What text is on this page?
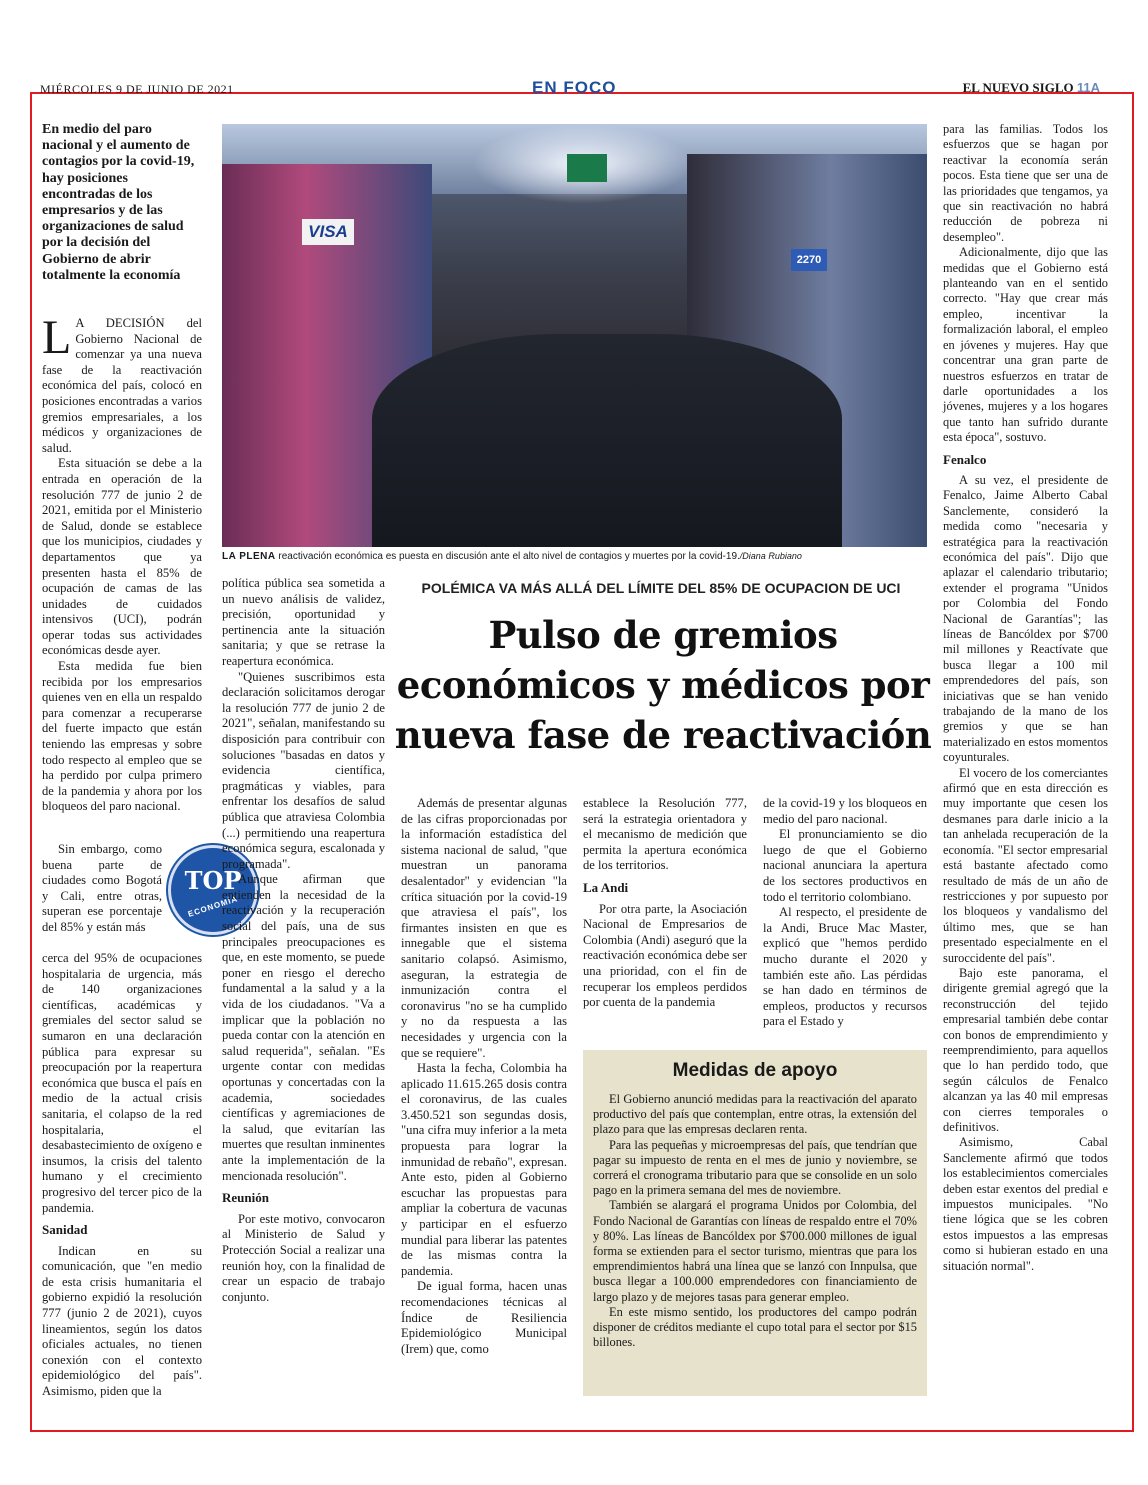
MIÉRCOLES 9 DE JUNIO DE 2021	EN FOCO	EL NUEVO SIGLO 11A
En medio del paro nacional y el aumento de contagios por la covid-19, hay posiciones encontradas de los empresarios y de las organizaciones de salud por la decisión del Gobierno de abrir totalmente la economía
VISA
2270
LA PLENA reactivación económica es puesta en discusión ante el alto nivel de contagios y muertes por la covid-19./Diana Rubiano
POLÉMICA VA MÁS ALLÁ DEL LÍMITE DEL 85% DE OCUPACION DE UCI
Pulso de gremios económicos y médicos por nueva fase de reactivación

L A DECISIÓN del Gobierno Nacional de comenzar ya una nueva fase de la reactivación económica del país, colocó en posiciones encontradas a varios gremios empresariales, a los médicos y organizaciones de salud.

Esta situación se debe a la entrada en operación de la resolución 777 de junio 2 de 2021, emitida por el Ministerio de Salud, donde se establece que los municipios, ciudades y departamentos que ya presenten hasta el 85% de ocupación de camas de las unidades de cuidados intensivos (UCI), podrán operar todas sus actividades económicas desde ayer.

Esta medida fue bien recibida por los empresarios quienes ven en ella un respaldo para comenzar a recuperarse del fuerte impacto que están teniendo las empresas y sobre todo respecto al empleo que se ha perdido por culpa primero de la pandemia y ahora por los bloqueos del paro nacional.

Sin embargo, como buena parte de ciudades como Bogotá y Cali, entre otras, superan ese porcentaje del 85% y están más

cerca del 95% de ocupaciones hospitalaria de urgencia, más de 140 organizaciones científicas, académicas y gremiales del sector salud se sumaron en una declaración pública para expresar su preocupación por la reapertura económica que busca el país en medio de la actual crisis sanitaria, el colapso de la red hospitalaria, el desabastecimiento de oxígeno e insumos, la crisis del talento humano y el crecimiento progresivo del tercer pico de la pandemia.

Sanidad

Indican en su comunicación, que "en medio de esta crisis humanitaria el gobierno expidió la resolución 777 (junio 2 de 2021), cuyos lineamientos, según los datos oficiales actuales, no tienen conexión con el contexto epidemiológico del país". Asimismo, piden que la

TOP
ECONOMÍA

política pública sea sometida a un nuevo análisis de validez, precisión, oportunidad y pertinencia ante la situación sanitaria; y que se retrase la reapertura económica.

"Quienes suscribimos esta declaración solicitamos derogar la resolución 777 de junio 2 de 2021", señalan, manifestando su disposición para contribuir con soluciones "basadas en datos y evidencia científica, pragmáticas y viables, para enfrentar los desafíos de salud pública que atraviesa Colombia (...) permitiendo una reapertura económica segura, escalonada y programada".

Aunque afirman que entienden la necesidad de la reactivación y la recuperación social del país, una de sus principales preocupaciones es que, en este momento, se puede poner en riesgo el derecho fundamental a la salud y a la vida de los ciudadanos. "Va a implicar que la población no pueda contar con la atención en salud requerida", señalan. "Es urgente contar con medidas oportunas y concertadas con la academia, sociedades científicas y agremiaciones de la salud, que evitarían las muertes que resultan inminentes ante la implementación de la mencionada resolución".

Reunión

Por este motivo, convocaron al Ministerio de Salud y Protección Social a realizar una reunión hoy, con la finalidad de crear un espacio de trabajo conjunto.

Además de presentar algunas de las cifras proporcionadas por la información estadística del sistema nacional de salud, "que muestran un panorama desalentador" y evidencian "la crítica situación por la covid-19 que atraviesa el país", los firmantes insisten en que es innegable que el sistema sanitario colapsó. Asimismo, aseguran, la estrategia de inmunización contra el coronavirus "no se ha cumplido y no da respuesta a las necesidades y urgencia con la que se requiere".

Hasta la fecha, Colombia ha aplicado 11.615.265 dosis contra el coronavirus, de las cuales 3.450.521 son segundas dosis, "una cifra muy inferior a la meta propuesta para lograr la inmunidad de rebaño", expresan. Ante esto, piden al Gobierno escuchar las propuestas para ampliar la cobertura de vacunas y participar en el esfuerzo mundial para liberar las patentes de las mismas contra la pandemia.

De igual forma, hacen unas recomendaciones técnicas al Índice de Resiliencia Epidemiológico Municipal (Irem) que, como

establece la Resolución 777, será la estrategia orientadora y el mecanismo de medición que permita la apertura económica de los territorios.

La Andi

Por otra parte, la Asociación Nacional de Empresarios de Colombia (Andi) aseguró que la reactivación económica debe ser una prioridad, con el fin de recuperar los empleos perdidos por cuenta de la pandemia

de la covid-19 y los bloqueos en medio del paro nacional.

El pronunciamiento se dio luego de que el Gobierno nacional anunciara la apertura de los sectores productivos en todo el territorio colombiano.

Al respecto, el presidente de la Andi, Bruce Mac Master, explicó que "hemos perdido mucho durante el 2020 y también este año. Las pérdidas se han dado en términos de empleos, productos y recursos para el Estado y

para las familias. Todos los esfuerzos que se hagan por reactivar la economía serán pocos. Esta tiene que ser una de las prioridades que tengamos, ya que sin reactivación no habrá reducción de pobreza ni desempleo".

Adicionalmente, dijo que las medidas que el Gobierno está planteando van en el sentido correcto. "Hay que crear más empleo, incentivar la formalización laboral, el empleo en jóvenes y mujeres. Hay que concentrar una gran parte de nuestros esfuerzos en tratar de darle oportunidades a los jóvenes, mujeres y a los hogares que tanto han sufrido durante esta época", sostuvo.

Fenalco

A su vez, el presidente de Fenalco, Jaime Alberto Cabal Sanclemente, consideró la medida como "necesaria y estratégica para la reactivación económica del país". Dijo que aplazar el calendario tributario; extender el programa "Unidos por Colombia del Fondo Nacional de Garantías"; las líneas de Bancóldex por $700 mil millones y Reactívate que busca llegar a 100 mil emprendedores del país, son iniciativas que se han venido trabajando de la mano de los gremios y que se han materializado en estos momentos coyunturales.

El vocero de los comerciantes afirmó que en esta dirección es muy importante que cesen los desmanes para darle inicio a la tan anhelada recuperación de la economía. "El sector empresarial está bastante afectado como resultado de más de un año de restricciones y por supuesto por los bloqueos y vandalismo del último mes, que se han presentado especialmente en el suroccidente del país".

Bajo este panorama, el dirigente gremial agregó que la reconstrucción del tejido empresarial también debe contar con bonos de emprendimiento y reemprendimiento, para aquellos que lo han perdido todo, que según cálculos de Fenalco alcanzan ya las 40 mil empresas con cierres temporales o definitivos.

Asimismo, Cabal Sanclemente afirmó que todos los establecimientos comerciales deben estar exentos del predial e impuestos municipales. "No tiene lógica que se les cobren estos impuestos a las empresas como si hubieran estado en una situación normal".

Medidas de apoyo

El Gobierno anunció medidas para la reactivación del aparato productivo del país que contemplan, entre otras, la extensión del plazo para que las empresas declaren renta.

Para las pequeñas y microempresas del país, que tendrían que pagar su impuesto de renta en el mes de junio y noviembre, se correrá el cronograma tributario para que se consolide en un solo pago en la primera semana del mes de noviembre.

También se alargará el programa Unidos por Colombia, del Fondo Nacional de Garantías con líneas de respaldo entre el 70% y 80%. Las líneas de Bancóldex por $700.000 millones de igual forma se extienden para el sector turismo, mientras que para los emprendimientos habrá una línea que se lanzó con Innpulsa, que busca llegar a 100.000 emprendedores con financiamiento de largo plazo y de mejores tasas para generar empleo.

En este mismo sentido, los productores del campo podrán disponer de créditos mediante el cupo total para el sector por $15 billones.
